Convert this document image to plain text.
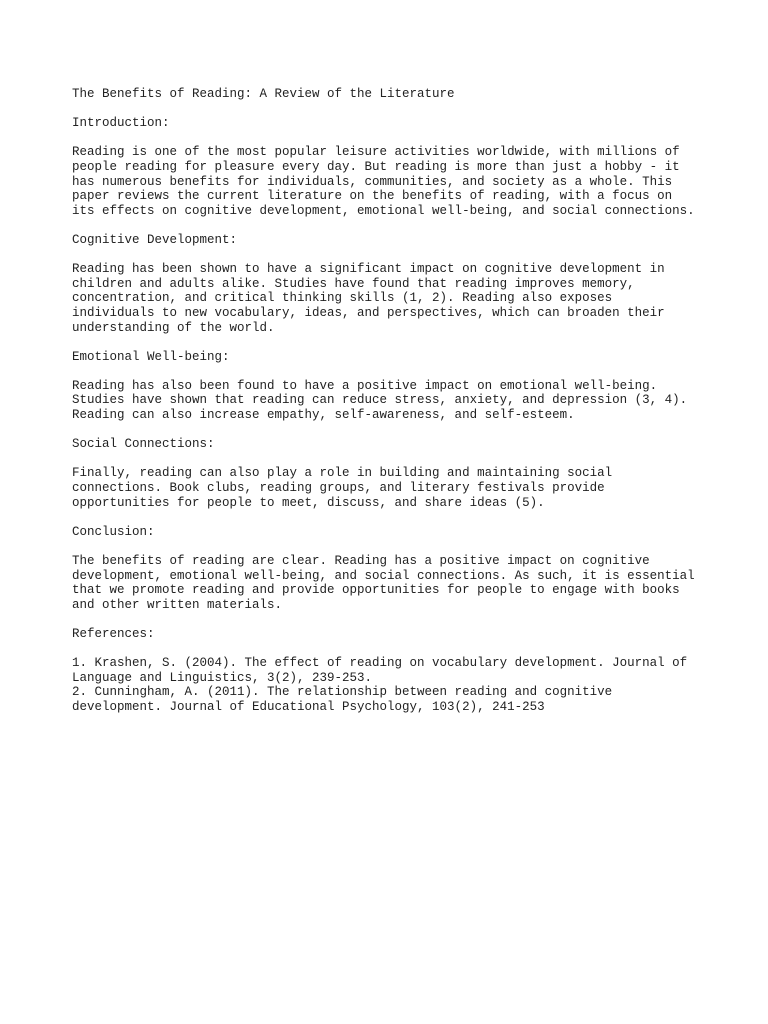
The Benefits of Reading: A Review of the Literature

Introduction:

Reading is one of the most popular leisure activities worldwide, with millions of
people reading for pleasure every day. But reading is more than just a hobby - it
has numerous benefits for individuals, communities, and society as a whole. This
paper reviews the current literature on the benefits of reading, with a focus on
its effects on cognitive development, emotional well-being, and social connections.

Cognitive Development:

Reading has been shown to have a significant impact on cognitive development in
children and adults alike. Studies have found that reading improves memory,
concentration, and critical thinking skills (1, 2). Reading also exposes
individuals to new vocabulary, ideas, and perspectives, which can broaden their
understanding of the world.

Emotional Well-being:

Reading has also been found to have a positive impact on emotional well-being.
Studies have shown that reading can reduce stress, anxiety, and depression (3, 4).
Reading can also increase empathy, self-awareness, and self-esteem.

Social Connections:

Finally, reading can also play a role in building and maintaining social
connections. Book clubs, reading groups, and literary festivals provide
opportunities for people to meet, discuss, and share ideas (5).

Conclusion:

The benefits of reading are clear. Reading has a positive impact on cognitive
development, emotional well-being, and social connections. As such, it is essential
that we promote reading and provide opportunities for people to engage with books
and other written materials.

References:

1. Krashen, S. (2004). The effect of reading on vocabulary development. Journal of
Language and Linguistics, 3(2), 239-253.

2. Cunningham, A. (2011). The relationship between reading and cognitive
development. Journal of Educational Psychology, 103(2), 241-253
